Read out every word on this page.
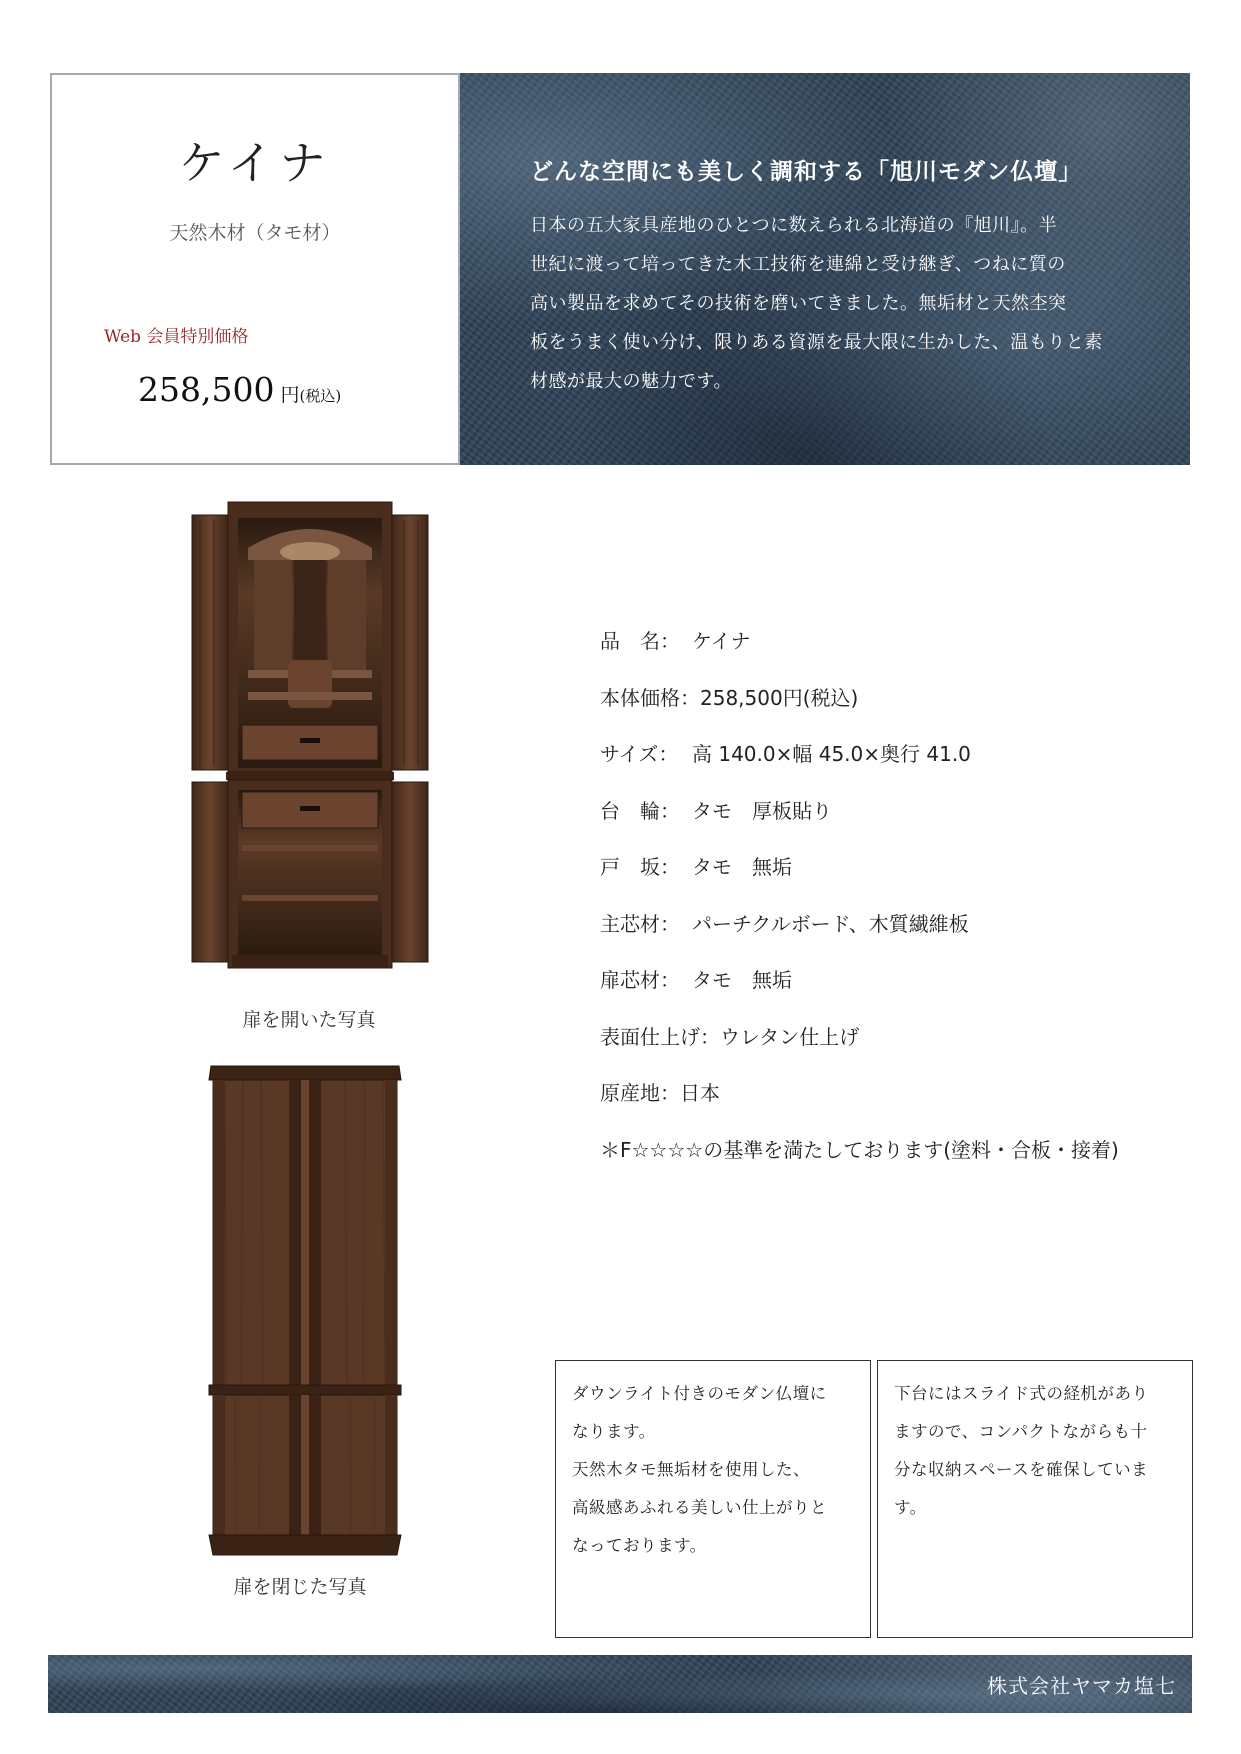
ケイナ
天然木材（タモ材）
Web 会員特別価格
258,500 円(税込)
どんな空間にも美しく調和する「旭川モダン仏壇」
日本の五大家具産地のひとつに数えられる北海道の『旭川』。半
世紀に渡って培ってきた木工技術を連綿と受け継ぎ、つねに質の
高い製品を求めてその技術を磨いてきました。無垢材と天然杢突
板をうまく使い分け、限りある資源を最大限に生かした、温もりと素
材感が最大の魅力です。
扉を開いた写真
扉を閉じた写真
品　名： ケイナ
本体価格：258,500円(税込)
サイズ： 高 140.0×幅 45.0×奥行 41.0
台　輪： タモ　厚板貼り
戸　坂： タモ　無垢
主芯材： パーチクルボード、木質繊維板
扉芯材： タモ　無垢
表面仕上げ：ウレタン仕上げ
原産地：日本
＊F☆☆☆☆の基準を満たしております(塗料・合板・接着)
ダウンライト付きのモダン仏壇に
なります。
天然木タモ無垢材を使用した、
高級感あふれる美しい仕上がりと
なっております。
下台にはスライド式の経机があり
ますので、コンパクトながらも十
分な収納スペースを確保していま
す。
株式会社ヤマカ塩七
